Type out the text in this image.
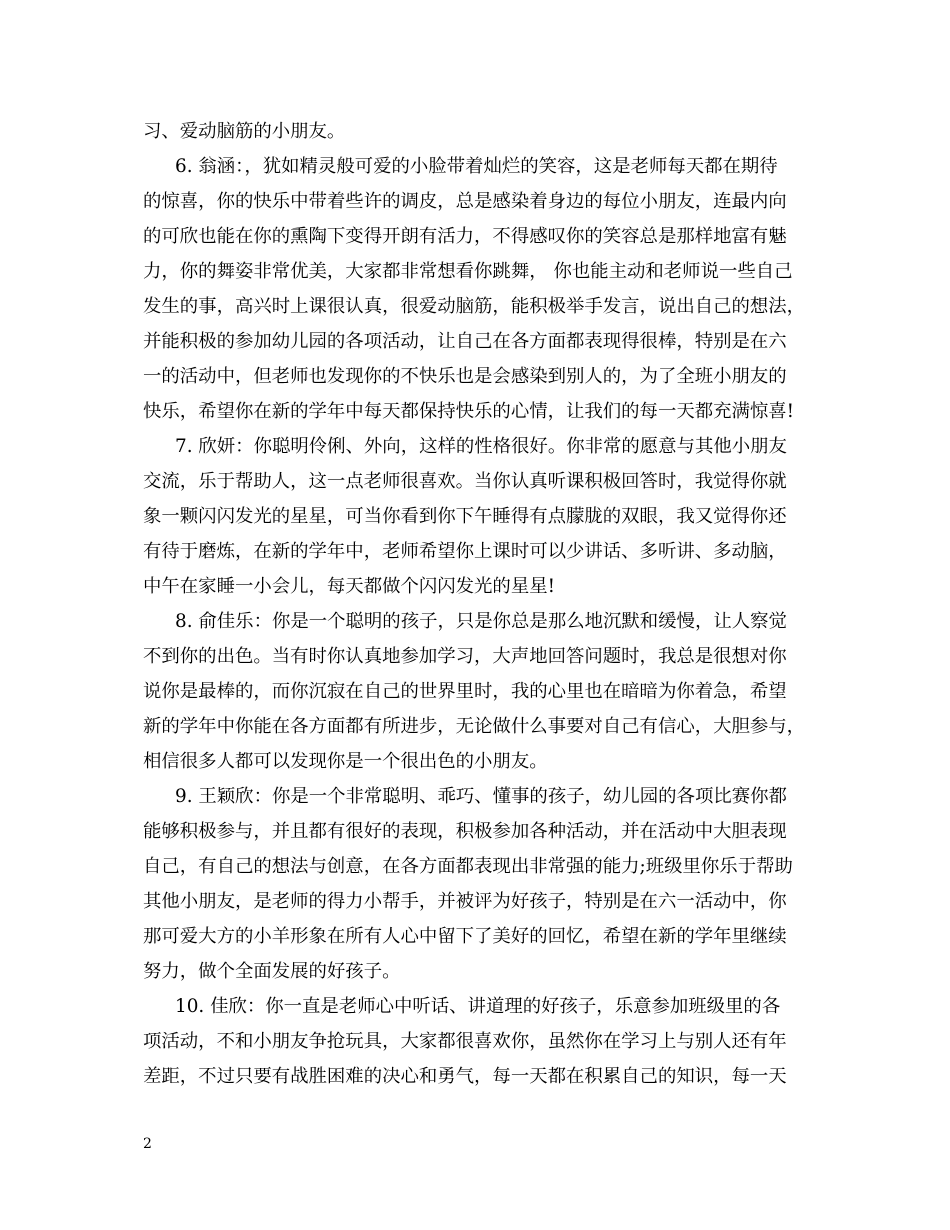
习、爱动脑筋的小朋友。
6. 翁涵：，犹如精灵般可爱的小脸带着灿烂的笑容，这是老师每天都在期待
的惊喜，你的快乐中带着些许的调皮，总是感染着身边的每位小朋友，连最内向
的可欣也能在你的熏陶下变得开朗有活力，不得感叹你的笑容总是那样地富有魅
力，你的舞姿非常优美，大家都非常想看你跳舞， 你也能主动和老师说一些自己
发生的事，高兴时上课很认真，很爱动脑筋，能积极举手发言，说出自己的想法，
并能积极的参加幼儿园的各项活动，让自己在各方面都表现得很棒，特别是在六
一的活动中，但老师也发现你的不快乐也是会感染到别人的，为了全班小朋友的
快乐，希望你在新的学年中每天都保持快乐的心情，让我们的每一天都充满惊喜!
7. 欣妍：你聪明伶俐、外向，这样的性格很好。你非常的愿意与其他小朋友
交流，乐于帮助人，这一点老师很喜欢。当你认真听课积极回答时，我觉得你就
象一颗闪闪发光的星星，可当你看到你下午睡得有点朦胧的双眼，我又觉得你还
有待于磨炼，在新的学年中，老师希望你上课时可以少讲话、多听讲、多动脑，
中午在家睡一小会儿，每天都做个闪闪发光的星星!
8. 俞佳乐：你是一个聪明的孩子，只是你总是那么地沉默和缓慢，让人察觉
不到你的出色。当有时你认真地参加学习，大声地回答问题时，我总是很想对你
说你是最棒的，而你沉寂在自己的世界里时，我的心里也在暗暗为你着急，希望
新的学年中你能在各方面都有所进步，无论做什么事要对自己有信心，大胆参与，
相信很多人都可以发现你是一个很出色的小朋友。
9. 王颖欣：你是一个非常聪明、乖巧、懂事的孩子，幼儿园的各项比赛你都
能够积极参与，并且都有很好的表现，积极参加各种活动，并在活动中大胆表现
自己，有自己的想法与创意，在各方面都表现出非常强的能力;班级里你乐于帮助
其他小朋友，是老师的得力小帮手，并被评为好孩子，特别是在六一活动中，你
那可爱大方的小羊形象在所有人心中留下了美好的回忆，希望在新的学年里继续
努力，做个全面发展的好孩子。
10. 佳欣：你一直是老师心中听话、讲道理的好孩子，乐意参加班级里的各
项活动，不和小朋友争抢玩具，大家都很喜欢你，虽然你在学习上与别人还有年
差距，不过只要有战胜困难的决心和勇气，每一天都在积累自己的知识，每一天
2
